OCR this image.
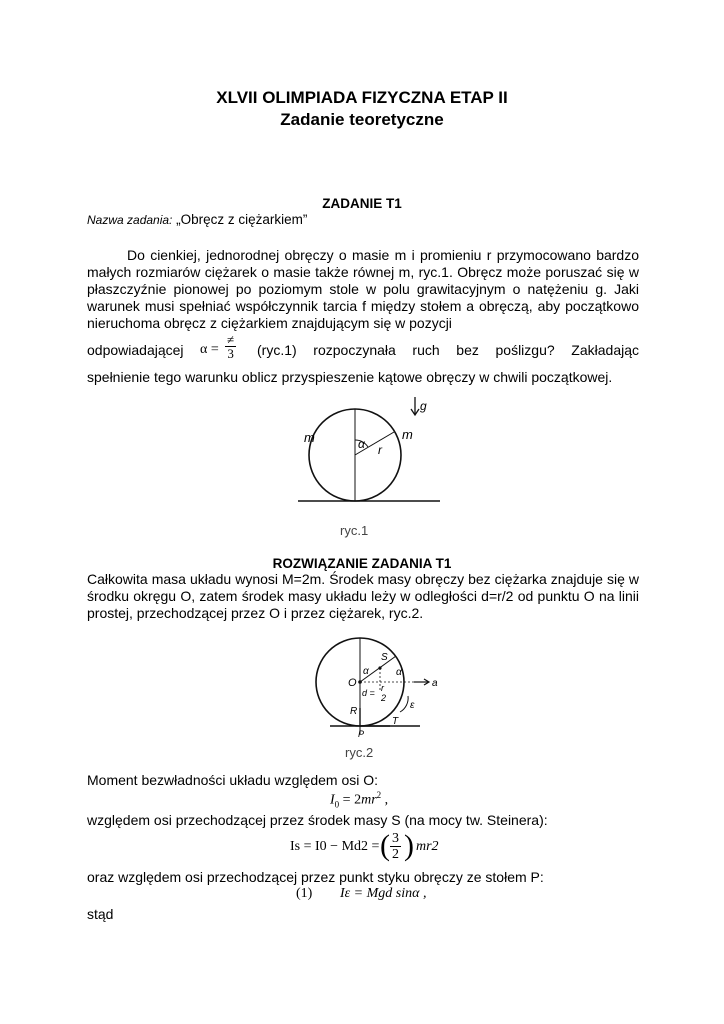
XLVII OLIMPIADA FIZYCZNA ETAP II
Zadanie teoretyczne
ZADANIE T1
Nazwa zadania: „Obręcz z ciężarkiem”
Do cienkiej, jednorodnej obręczy o masie m i promieniu r przymocowano bardzo małych rozmiarów ciężarek o masie także równej m, ryc.1. Obręcz może poruszać się w płaszczyźnie pionowej po poziomym stole w polu grawitacyjnym o natężeniu g. Jaki warunek musi spełniać współczynnik tarcia f między stołem a obręczą, aby początkowo nieruchoma obręcz z ciężarkiem znajdującym się w pozycji
odpowiadającej α =
≠
3 (ryc.1) rozpoczynała ruch bez poślizgu? Zakładając
spełnienie tego warunku oblicz przyspieszenie kątowe obręczy w chwili początkowej.
m	m
α r
g
ryc.1
ROZWIĄZANIE ZADANIA T1
Całkowita masa układu wynosi M=2m. Środek masy obręczy bez ciężarka znajduje się w środku okręgu O, zatem środek masy układu leży w odległości d=r/2 od punktu O na linii prostej, przechodzącej przez O i przez ciężarek, ryc.2.
O
S
α	α
d = r
2
a
ε
R
T
P
ryc.2
Moment bezwładności układu względem osi O:
$I_0 = 2mr^2$ ,
względem osi przechodzącej przez środek masy S (na mocy tw. Steinera):
Is = I0 − Md2 = ( $\frac{3}{2}$ ) mr2
oraz względem osi przechodzącej przez punkt styku obręczy ze stołem P:
(1) Iε = Mgd sinα ,
stąd
